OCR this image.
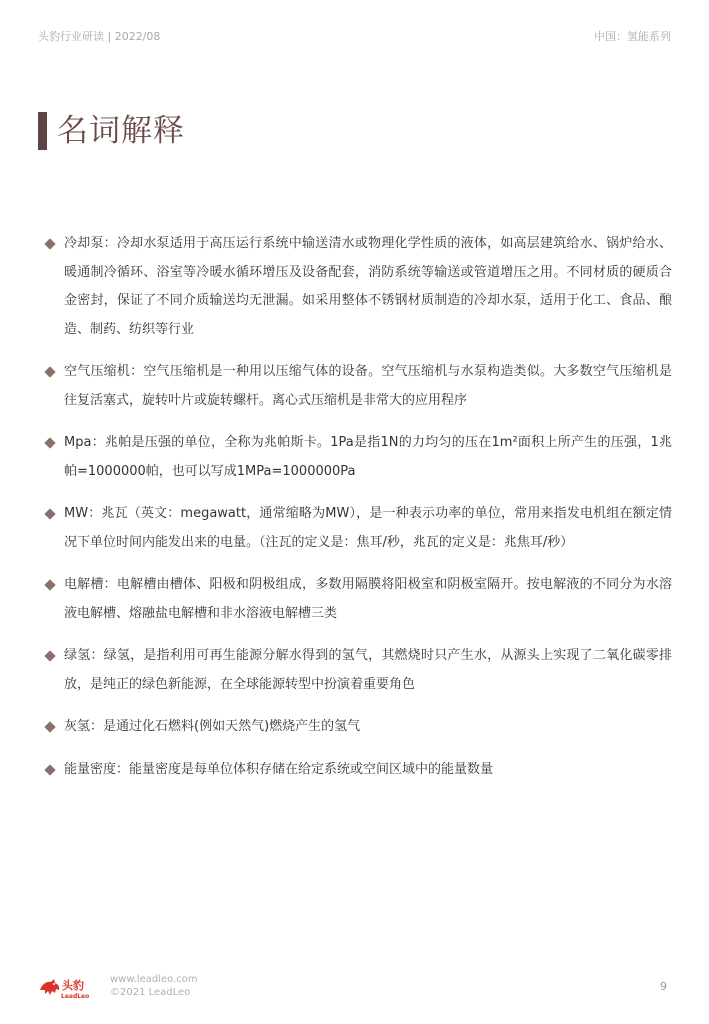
头豹行业研读 | 2022/08	中国：氢能系列
名词解释
冷却泵：冷却水泵适用于高压运行系统中输送清水或物理化学性质的液体，如高层建筑给水、锅炉给水、暖通制冷循环、浴室等冷暖水循环增压及设备配套，消防系统等输送或管道增压之用。不同材质的硬质合金密封，保证了不同介质输送均无泄漏。如采用整体不锈钢材质制造的冷却水泵，适用于化工、食品、酿造、制药、纺织等行业
空气压缩机：空气压缩机是一种用以压缩气体的设备。空气压缩机与水泵构造类似。大多数空气压缩机是往复活塞式，旋转叶片或旋转螺杆。离心式压缩机是非常大的应用程序
Mpa：兆帕是压强的单位，全称为兆帕斯卡。1Pa是指1N的力均匀的压在1m²面积上所产生的压强，1兆帕=1000000帕，也可以写成1MPa=1000000Pa
MW：兆瓦（英文：megawatt，通常缩略为MW），是一种表示功率的单位，常用来指发电机组在额定情况下单位时间内能发出来的电量。（注瓦的定义是：焦耳/秒，兆瓦的定义是：兆焦耳/秒）
电解槽：电解槽由槽体、阳极和阴极组成，多数用隔膜将阳极室和阴极室隔开。按电解液的不同分为水溶液电解槽、熔融盐电解槽和非水溶液电解槽三类
绿氢：绿氢，是指利用可再生能源分解水得到的氢气，其燃烧时只产生水，从源头上实现了二氧化碳零排放，是纯正的绿色新能源，在全球能源转型中扮演着重要角色
灰氢：是通过化石燃料(例如天然气)燃烧产生的氢气
能量密度：能量密度是每单位体积存储在给定系统或空间区域中的能量数量
头豹
LeadLeo
www.leadleo.com
©2021 LeadLeo	9
